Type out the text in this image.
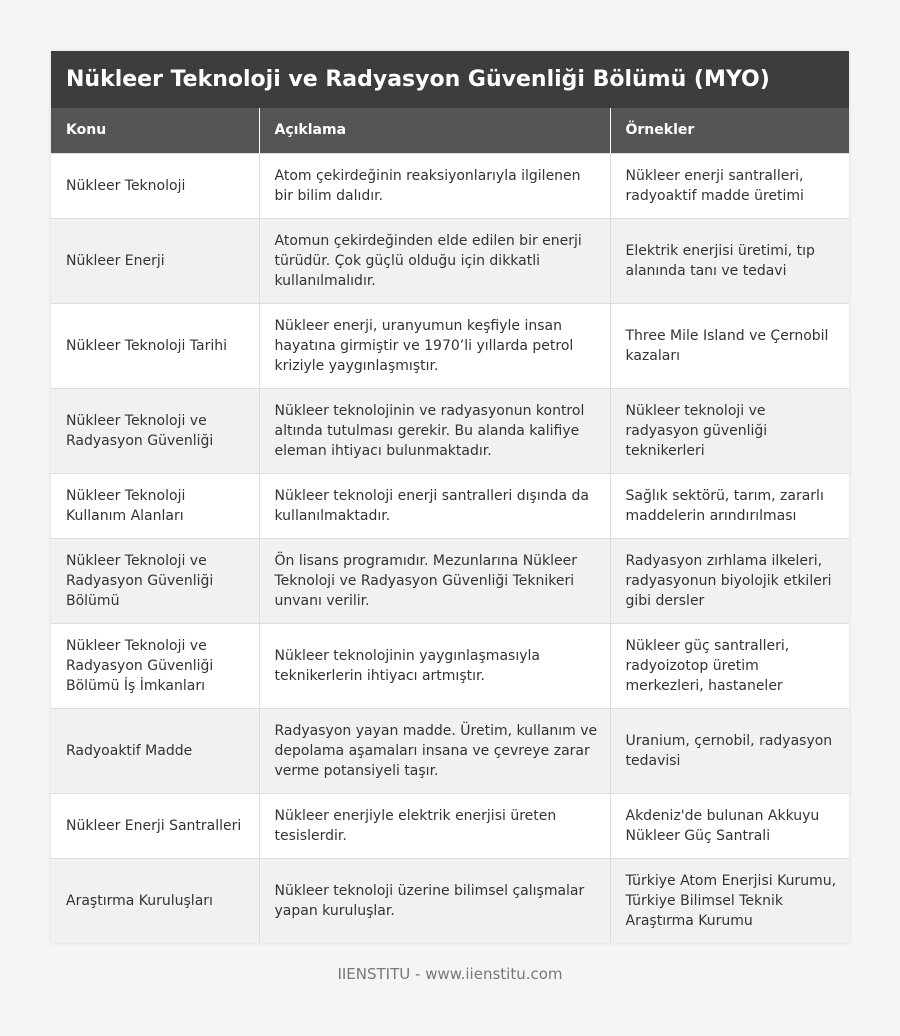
Nükleer Teknoloji ve Radyasyon Güvenliği Bölümü (MYO)
Konu	Açıklama	Örnekler
Nükleer Teknoloji	Atom çekirdeğinin reaksiyonlarıyla ilgilenen bir bilim dalıdır.	Nükleer enerji santralleri, radyoaktif madde üretimi
Nükleer Enerji	Atomun çekirdeğinden elde edilen bir enerji türüdür. Çok güçlü olduğu için dikkatli kullanılmalıdır.	Elektrik enerjisi üretimi, tıp alanında tanı ve tedavi
Nükleer Teknoloji Tarihi	Nükleer enerji, uranyumun keşfiyle insan hayatına girmiştir ve 1970’li yıllarda petrol kriziyle yaygınlaşmıştır.	Three Mile Island ve Çernobil kazaları
Nükleer Teknoloji ve Radyasyon Güvenliği	Nükleer teknolojinin ve radyasyonun kontrol altında tutulması gerekir. Bu alanda kalifiye eleman ihtiyacı bulunmaktadır.	Nükleer teknoloji ve radyasyon güvenliği teknikerleri
Nükleer Teknoloji Kullanım Alanları	Nükleer teknoloji enerji santralleri dışında da kullanılmaktadır.	Sağlık sektörü, tarım, zararlı maddelerin arındırılması
Nükleer Teknoloji ve Radyasyon Güvenliği Bölümü	Ön lisans programıdır. Mezunlarına Nükleer Teknoloji ve Radyasyon Güvenliği Teknikeri unvanı verilir.	Radyasyon zırhlama ilkeleri, radyasyonun biyolojik etkileri gibi dersler
Nükleer Teknoloji ve Radyasyon Güvenliği Bölümü İş İmkanları	Nükleer teknolojinin yaygınlaşmasıyla teknikerlerin ihtiyacı artmıştır.	Nükleer güç santralleri, radyoizotop üretim merkezleri, hastaneler
Radyoaktif Madde	Radyasyon yayan madde. Üretim, kullanım ve depolama aşamaları insana ve çevreye zarar verme potansiyeli taşır.	Uranium, çernobil, radyasyon tedavisi
Nükleer Enerji Santralleri	Nükleer enerjiyle elektrik enerjisi üreten tesislerdir.	Akdeniz'de bulunan Akkuyu Nükleer Güç Santrali
Araştırma Kuruluşları	Nükleer teknoloji üzerine bilimsel çalışmalar yapan kuruluşlar.	Türkiye Atom Enerjisi Kurumu, Türkiye Bilimsel Teknik Araştırma Kurumu
IIENSTITU - www.iienstitu.com
